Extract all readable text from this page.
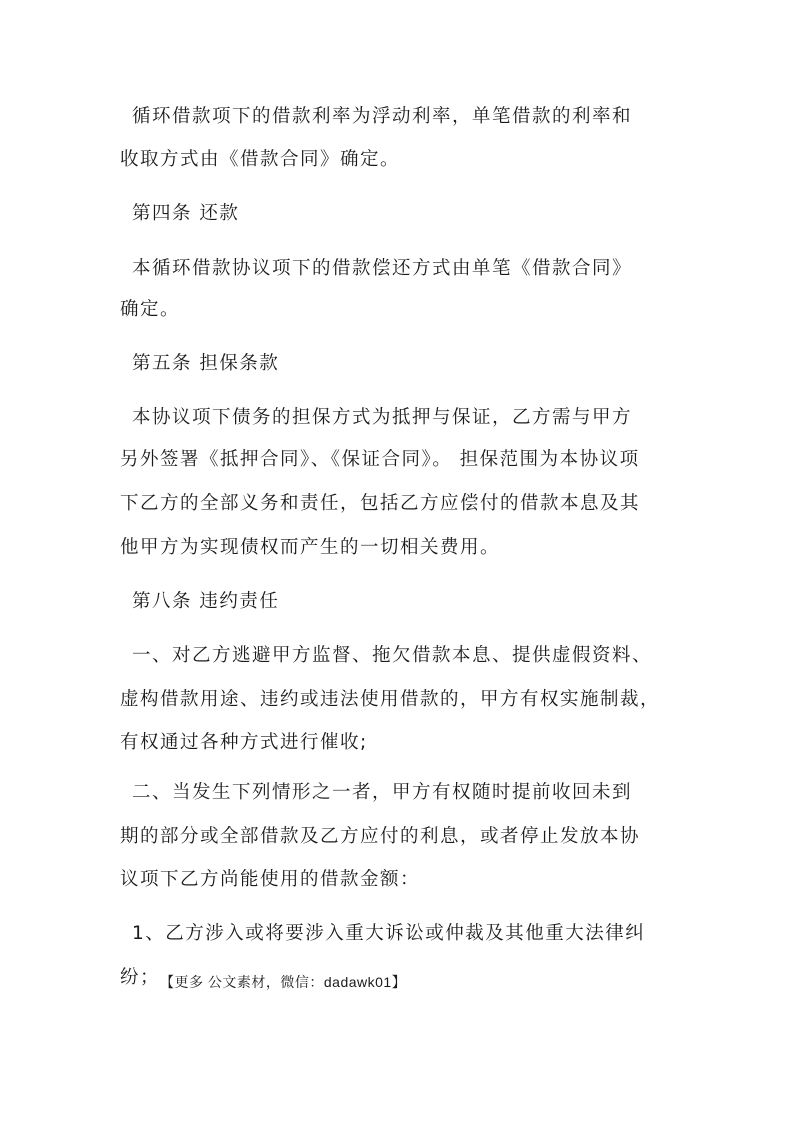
循环借款项下的借款利率为浮动利率，单笔借款的利率和
收取方式由《借款合同》确定。
第四条 还款
本循环借款协议项下的借款偿还方式由单笔《借款合同》
确定。
第五条 担保条款
本协议项下债务的担保方式为抵押与保证，乙方需与甲方
另外签署《抵押合同》、《保证合同》。 担保范围为本协议项
下乙方的全部义务和责任，包括乙方应偿付的借款本息及其
他甲方为实现债权而产生的一切相关费用。
第八条 违约责任
一、对乙方逃避甲方监督、拖欠借款本息、提供虚假资料、
虚构借款用途、违约或违法使用借款的，甲方有权实施制裁，
有权通过各种方式进行催收;
二、当发生下列情形之一者，甲方有权随时提前收回未到
期的部分或全部借款及乙方应付的利息，或者停止发放本协
议项下乙方尚能使用的借款金额：
1、乙方涉入或将要涉入重大诉讼或仲裁及其他重大法律纠
纷； 【更多 公文素材，微信：dadawk01】
